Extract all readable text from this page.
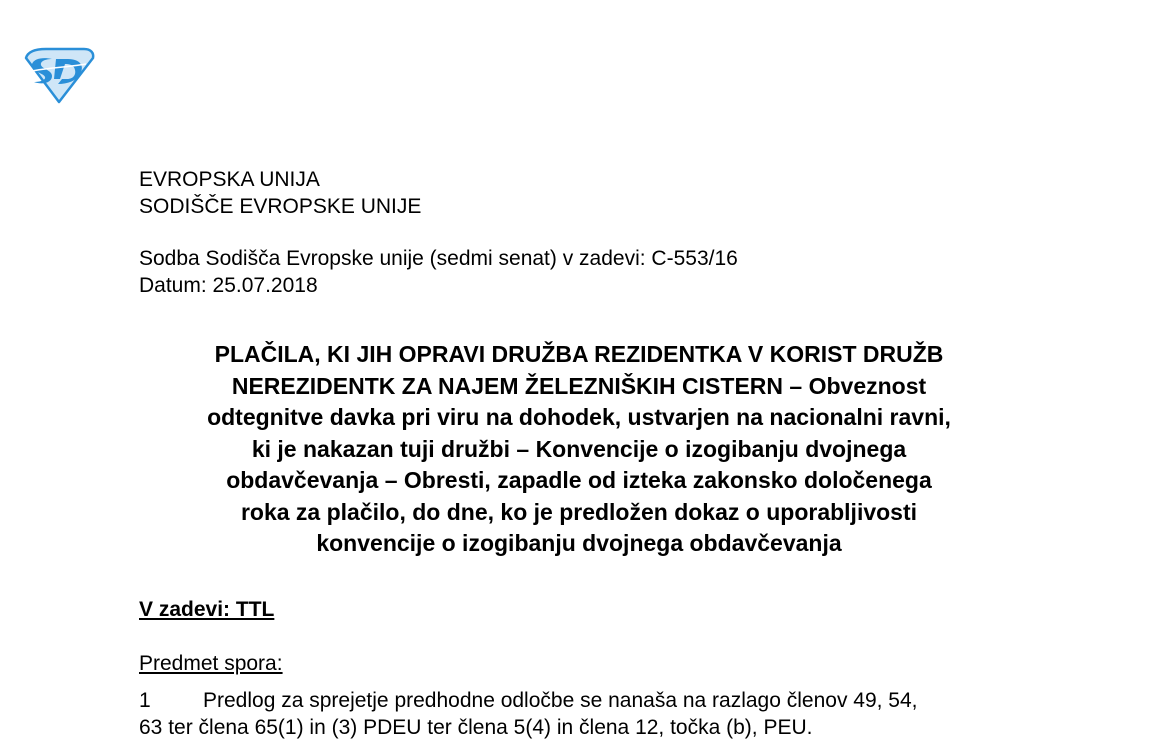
EVROPSKA UNIJA
SODIŠČE EVROPSKE UNIJE
Sodba Sodišča Evropske unije (sedmi senat) v zadevi: C-553/16
Datum: 25.07.2018
PLAČILA, KI JIH OPRAVI DRUŽBA REZIDENTKA V KORIST DRUŽB
NEREZIDENTK ZA NAJEM ŽELEZNIŠKIH CISTERN – Obveznost
odtegnitve davka pri viru na dohodek, ustvarjen na nacionalni ravni,
ki je nakazan tuji družbi – Konvencije o izogibanju dvojnega
obdavčevanja – Obresti, zapadle od izteka zakonsko določenega
roka za plačilo, do dne, ko je predložen dokaz o uporabljivosti
konvencije o izogibanju dvojnega obdavčevanja
V zadevi: TTL
Predmet spora:
1 Predlog za sprejetje predhodne odločbe se nanaša na razlago členov 49, 54,
63 ter člena 65(1) in (3) PDEU ter člena 5(4) in člena 12, točka (b), PEU.
